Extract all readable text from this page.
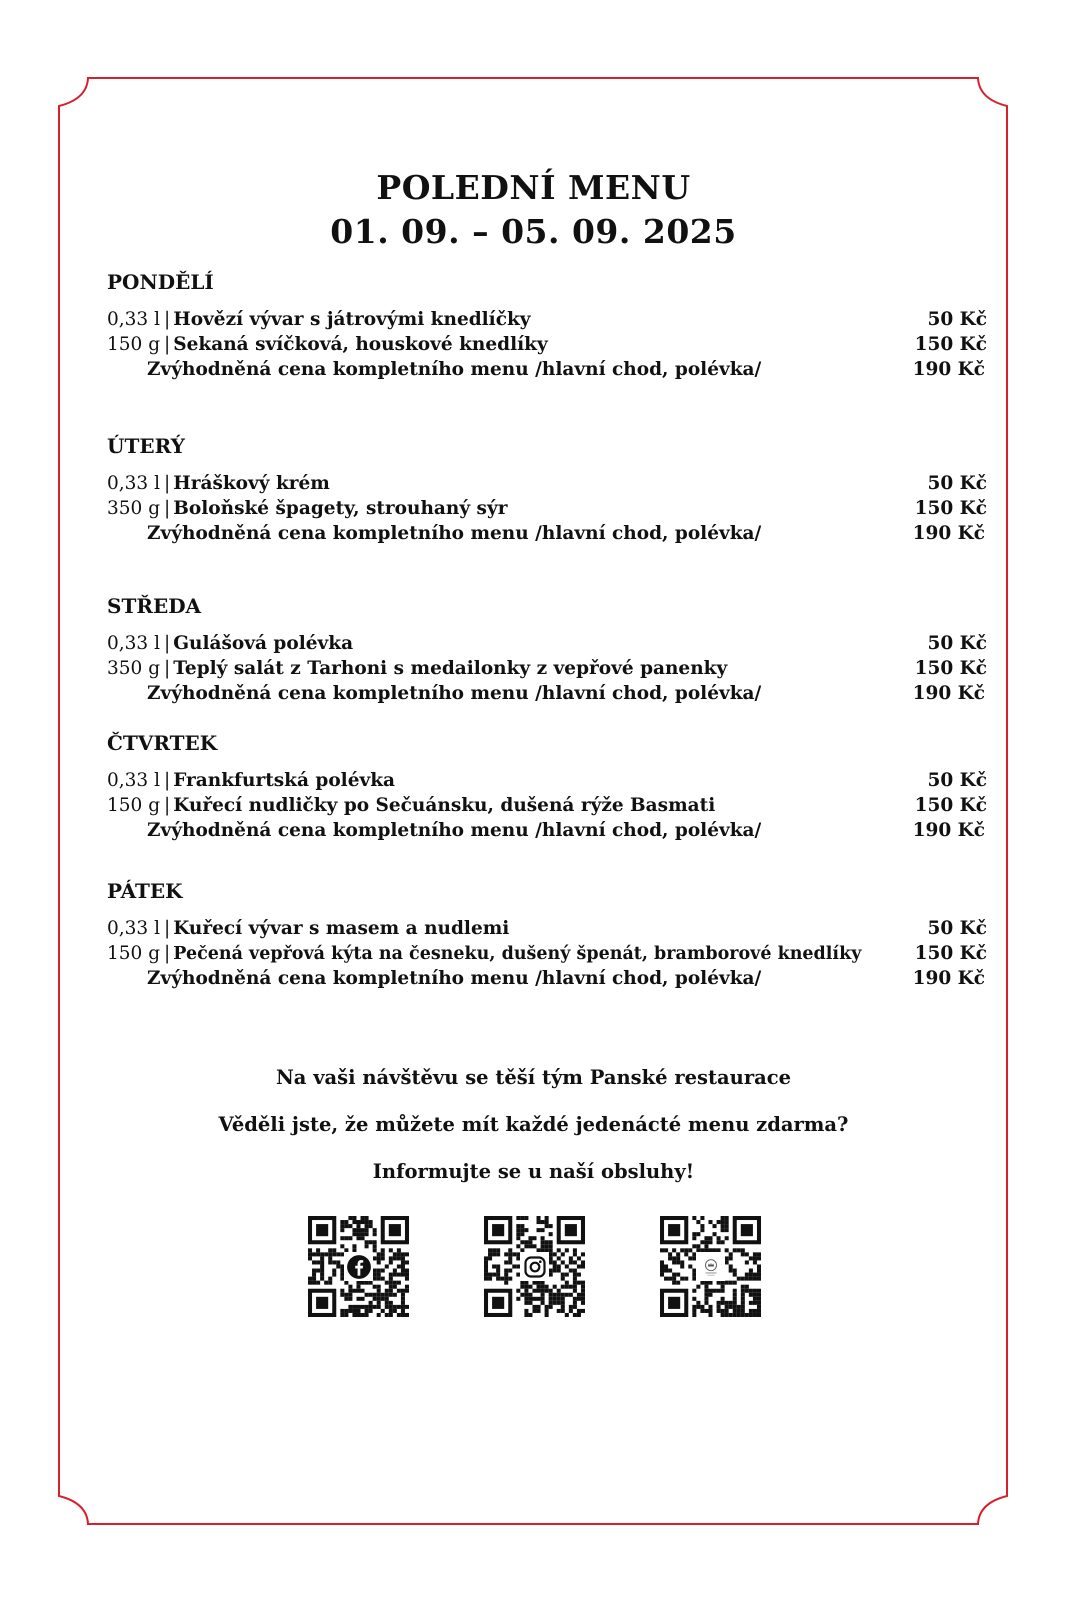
POLEDNÍ MENU
01. 09. – 05. 09. 2025
PONDĚLÍ
0,33 l | Hovězí vývar s játrovými knedlíčky	50 Kč
150 g | Sekaná svíčková, houskové knedlíky	150 Kč
Zvýhodněná cena kompletního menu /hlavní chod, polévka/	190 Kč
ÚTERÝ
0,33 l | Hráškový krém	50 Kč
350 g | Boloňské špagety, strouhaný sýr	150 Kč
Zvýhodněná cena kompletního menu /hlavní chod, polévka/	190 Kč
STŘEDA
0,33 l | Gulášová polévka	50 Kč
350 g | Teplý salát z Tarhoni s medailonky z vepřové panenky	150 Kč
Zvýhodněná cena kompletního menu /hlavní chod, polévka/	190 Kč
ČTVRTEK
0,33 l | Frankfurtská polévka	50 Kč
150 g | Kuřecí nudličky po Sečuánsku, dušená rýže Basmati	150 Kč
Zvýhodněná cena kompletního menu /hlavní chod, polévka/	190 Kč
PÁTEK
0,33 l | Kuřecí vývar s masem a nudlemi	50 Kč
150 g | Pečená vepřová kýta na česneku, dušený špenát, bramborové knedlíky	150 Kč
Zvýhodněná cena kompletního menu /hlavní chod, polévka/	190 Kč
Na vaši návštěvu se těší tým Panské restaurace
Věděli jste, že můžete mít každé jedenácté menu zdarma?
Informujte se u naší obsluhy!
